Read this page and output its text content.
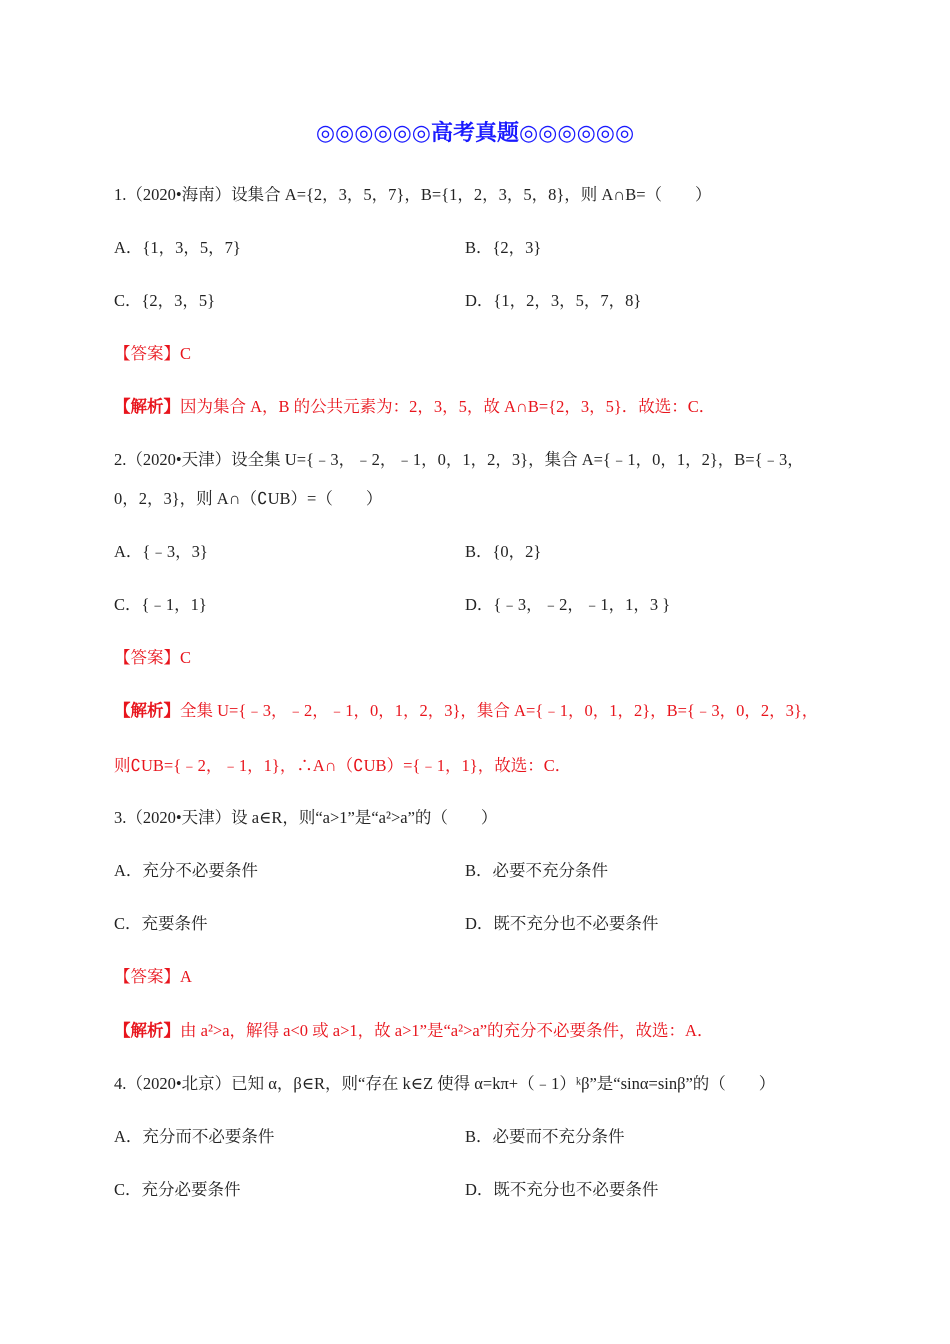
◎◎◎◎◎◎高考真题◎◎◎◎◎◎
1.（2020•海南）设集合 A={2，3，5，7}，B={1，2，3，5，8}，则 A∩B=（　　）
A．{1，3，5，7}	B．{2，3}
C．{2，3，5}	D．{1，2，3，5，7，8}
【答案】C
【解析】因为集合 A，B 的公共元素为：2，3，5，故 A∩B={2，3，5}．故选：C．
2.（2020•天津）设全集 U={﹣3，﹣2，﹣1，0，1，2，3}，集合 A={﹣1，0，1，2}，B={﹣3，
0，2，3}，则 A∩（∁UB）=（　　）
A．{﹣3，3}	B．{0，2}
C．{﹣1，1}	D．{﹣3，﹣2，﹣1，1，3 }
【答案】C
【解析】全集 U={﹣3，﹣2，﹣1，0，1，2，3}，集合 A={﹣1，0，1，2}，B={﹣3，0，2，3}，
则∁UB={﹣2，﹣1，1}，∴A∩（∁UB）={﹣1，1}，故选：C．
3.（2020•天津）设 a∈R，则“a>1”是“a²>a”的（　　）
A．充分不必要条件	B．必要不充分条件
C．充要条件	D．既不充分也不必要条件
【答案】A
【解析】由 a²>a，解得 a<0 或 a>1，故 a>1”是“a²>a”的充分不必要条件，故选：A．
4.（2020•北京）已知 α，β∈R，则“存在 k∈Z 使得 α=kπ+（﹣1）ᵏβ”是“sinα=sinβ”的（　　）
A．充分而不必要条件	B．必要而不充分条件
C．充分必要条件	D．既不充分也不必要条件
